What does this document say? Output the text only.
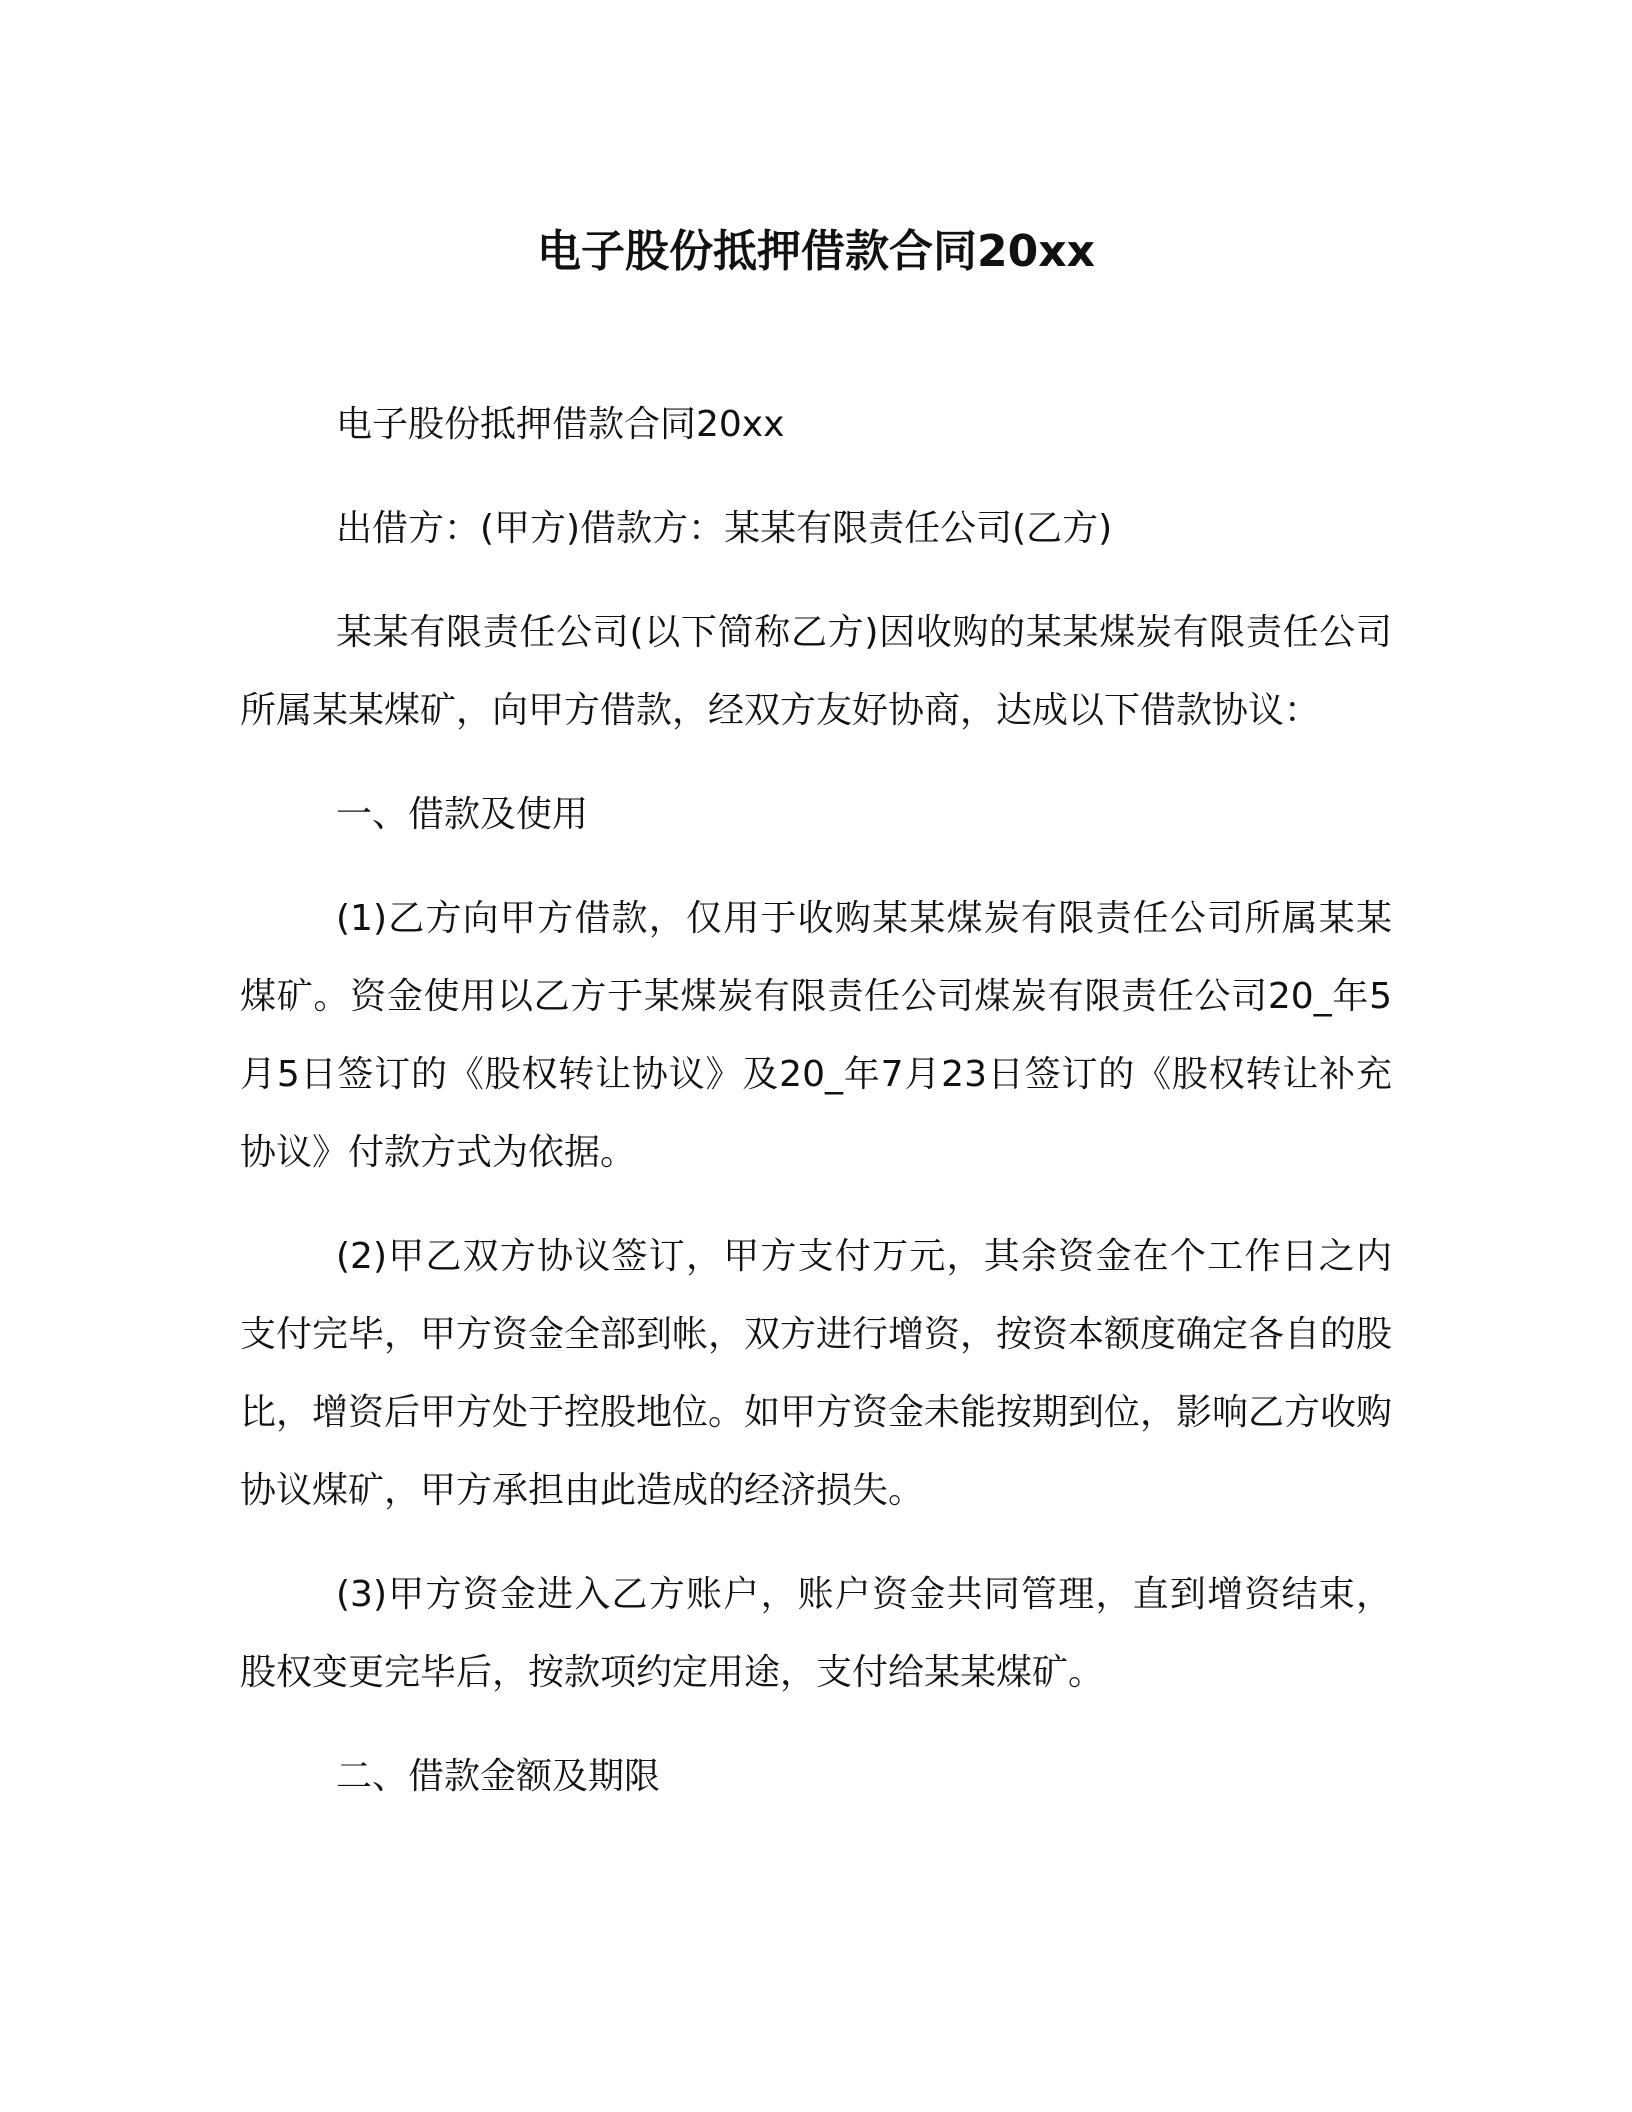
电子股份抵押借款合同20xx

电子股份抵押借款合同20xx

出借方：(甲方)借款方：某某有限责任公司(乙方)

某某有限责任公司(以下简称乙方)因收购的某某煤炭有限责任公司所属某某煤矿，向甲方借款，经双方友好协商，达成以下借款协议：

一、借款及使用

(1)乙方向甲方借款，仅用于收购某某煤炭有限责任公司所属某某煤矿。资金使用以乙方于某煤炭有限责任公司煤炭有限责任公司20_年5月5日签订的《股权转让协议》及20_年7月23日签订的《股权转让补充协议》付款方式为依据。

(2)甲乙双方协议签订，甲方支付万元，其余资金在个工作日之内支付完毕，甲方资金全部到帐，双方进行增资，按资本额度确定各自的股比，增资后甲方处于控股地位。如甲方资金未能按期到位，影响乙方收购协议煤矿，甲方承担由此造成的经济损失。

(3)甲方资金进入乙方账户，账户资金共同管理，直到增资结束，股权变更完毕后，按款项约定用途，支付给某某煤矿。

二、借款金额及期限
